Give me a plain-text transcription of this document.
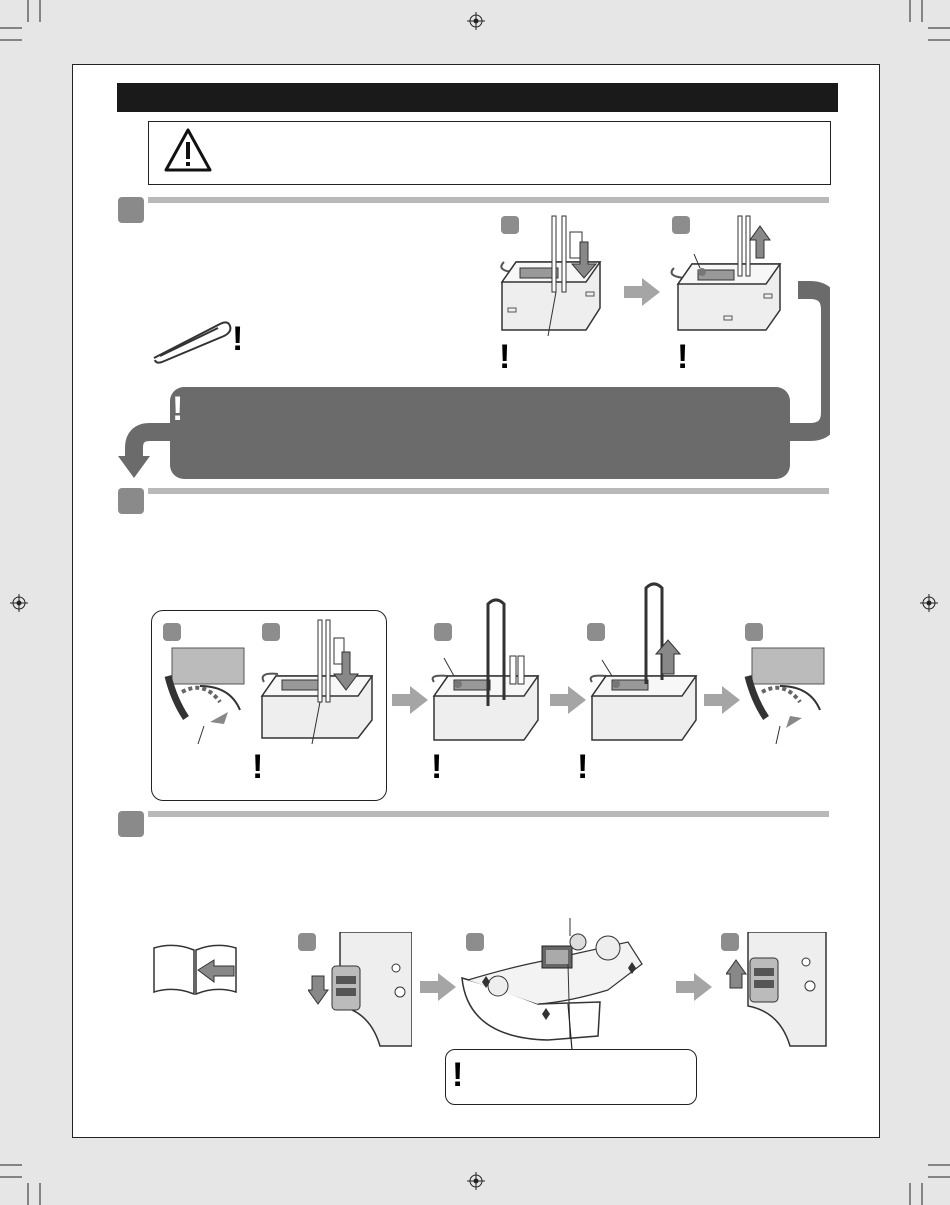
!	!	!
!
!	!	!
!
